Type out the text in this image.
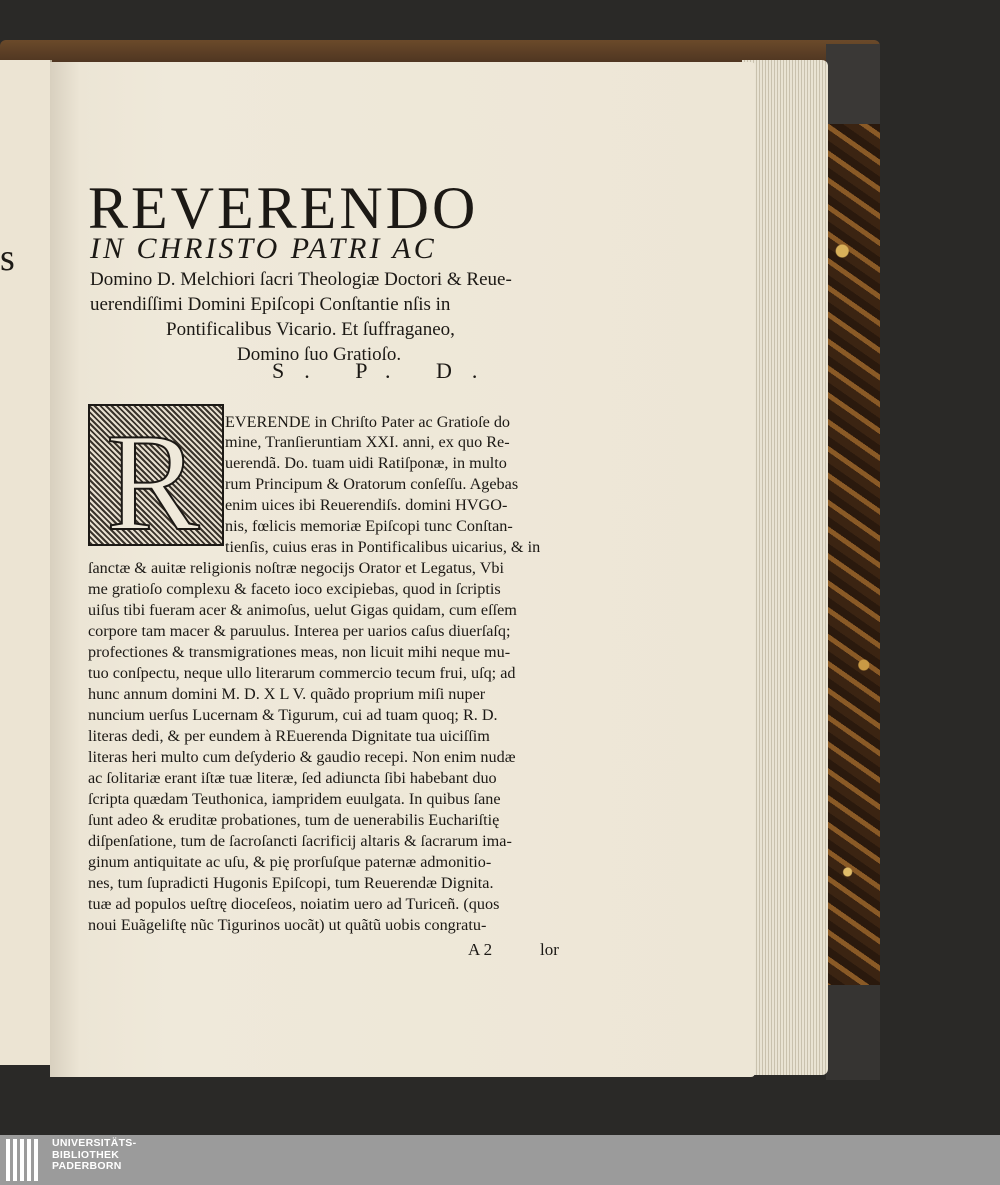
s
REVERENDO
IN CHRISTO PATRI AC
Domino D. Melchiori ſacri Theologiæ Doctori & Reue-
uerendiſſimi Domini Epiſcopi Conſtantie nſis in
Pontificalibus Vicario. Et ſuffraganeo,
Domino ſuo Gratioſo.
S. P. D.
R EVERENDE in Chriſto Pater ac Gratioſe do
mine, Tranſieruntiam XXI. anni, ex quo Re-
uerendã. Do. tuam uidi Ratiſponæ, in multo
rum Principum & Oratorum conſeſſu. Agebas
enim uices ibi Reuerendiſs. domini HVGO-
nis, fœlicis memoriæ Epiſcopi tunc Conſtan-
tienſis, cuius eras in Pontificalibus uicarius, & in
ſanctæ & auitæ religionis noſtræ negocijs Orator et Legatus, Vbi
me gratioſo complexu & faceto ioco excipiebas, quod in ſcriptis
uiſus tibi fueram acer & animoſus, uelut Gigas quidam, cum eſſem
corpore tam macer & paruulus. Interea per uarios caſus diuerſaſq;
profectiones & transmigrationes meas, non licuit mihi neque mu-
tuo conſpectu, neque ullo literarum commercio tecum frui, uſq; ad
hunc annum domini M. D. X L V. quãdo proprium miſi nuper
nuncium uerſus Lucernam & Tigurum, cui ad tuam quoq; R. D.
literas dedi, & per eundem à REuerenda Dignitate tua uiciſſim
literas heri multo cum deſyderio & gaudio recepi. Non enim nudæ
ac ſolitariæ erant iſtæ tuæ literæ, ſed adiuncta ſibi habebant duo
ſcripta quædam Teuthonica, iampridem euulgata. In quibus ſane
ſunt adeo & eruditæ probationes, tum de uenerabilis Euchariſtię
diſpenſatione, tum de ſacroſancti ſacrificij altaris & ſacrarum ima-
ginum antiquitate ac uſu, & pię prorſuſque paternæ admonitio-
nes, tum ſupradicti Hugonis Epiſcopi, tum Reuerendæ Dignita.
tuæ ad populos ueſtrę dioceſeos, noiatim uero ad Turiceñ. (quos
noui Euãgeliſtę nũc Tigurinos uocãt) ut quãtũ uobis congratu-
A 2	lor
UNIVERSITÄTS-
BIBLIOTHEK
PADERBORN
